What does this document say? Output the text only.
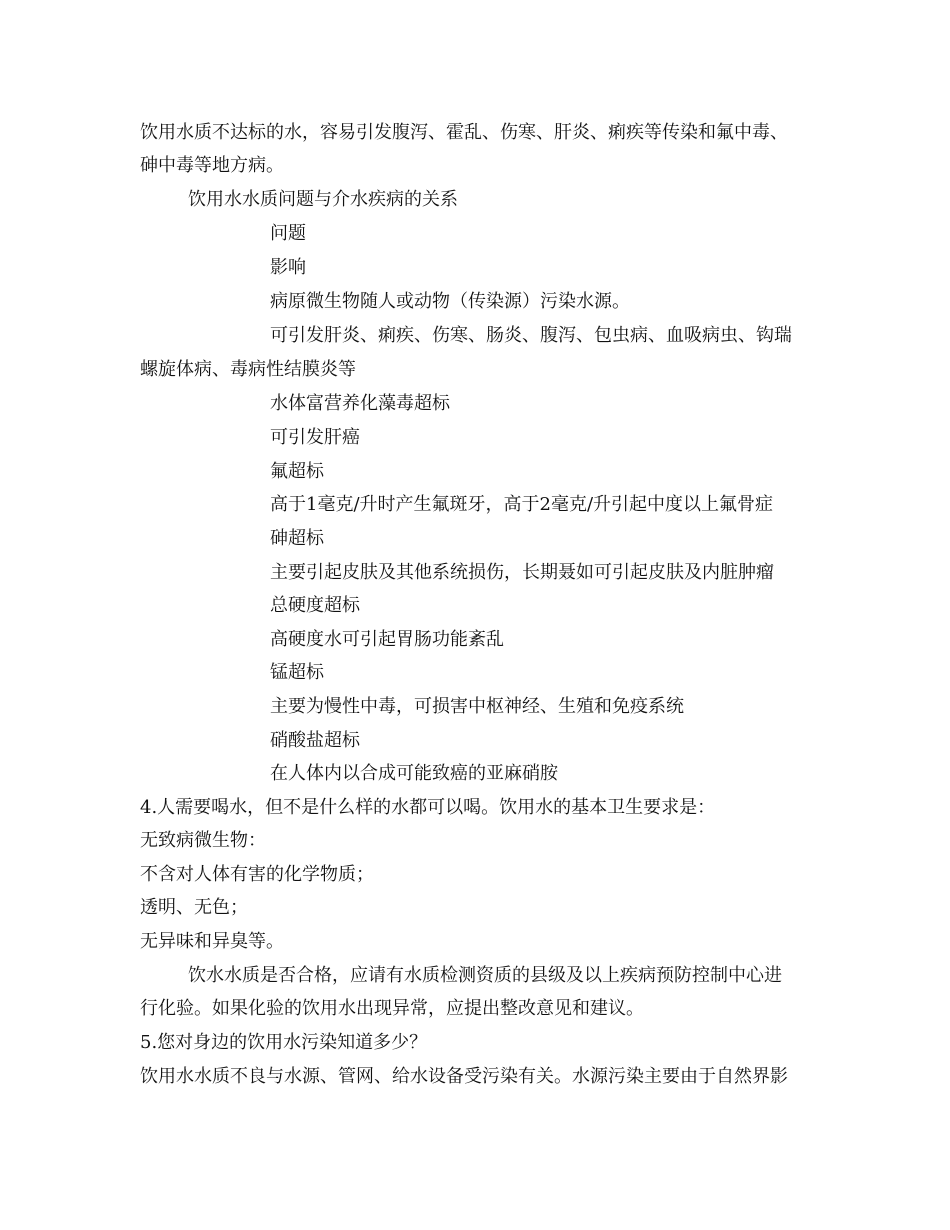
饮用水质不达标的水，容易引发腹泻、霍乱、伤寒、肝炎、痢疾等传染和氟中毒、
砷中毒等地方病。
饮用水水质问题与介水疾病的关系
问题
影响
病原微生物随人或动物（传染源）污染水源。
可引发肝炎、痢疾、伤寒、肠炎、腹泻、包虫病、血吸病虫、钩瑞
螺旋体病、毒病性结膜炎等
水体富营养化藻毒超标
可引发肝癌
氟超标
高于1毫克/升时产生氟斑牙，高于2毫克/升引起中度以上氟骨症
砷超标
主要引起皮肤及其他系统损伤，长期聂如可引起皮肤及内脏肿瘤
总硬度超标
高硬度水可引起胃肠功能紊乱
锰超标
主要为慢性中毒，可损害中枢神经、生殖和免疫系统
硝酸盐超标
在人体内以合成可能致癌的亚麻硝胺
4.人需要喝水，但不是什么样的水都可以喝。饮用水的基本卫生要求是：
无致病微生物：
不含对人体有害的化学物质；
透明、无色；
无异味和异臭等。
饮水水质是否合格，应请有水质检测资质的县级及以上疾病预防控制中心进
行化验。如果化验的饮用水出现异常，应提出整改意见和建议。
5.您对身边的饮用水污染知道多少？
饮用水水质不良与水源、管网、给水设备受污染有关。水源污染主要由于自然界影
